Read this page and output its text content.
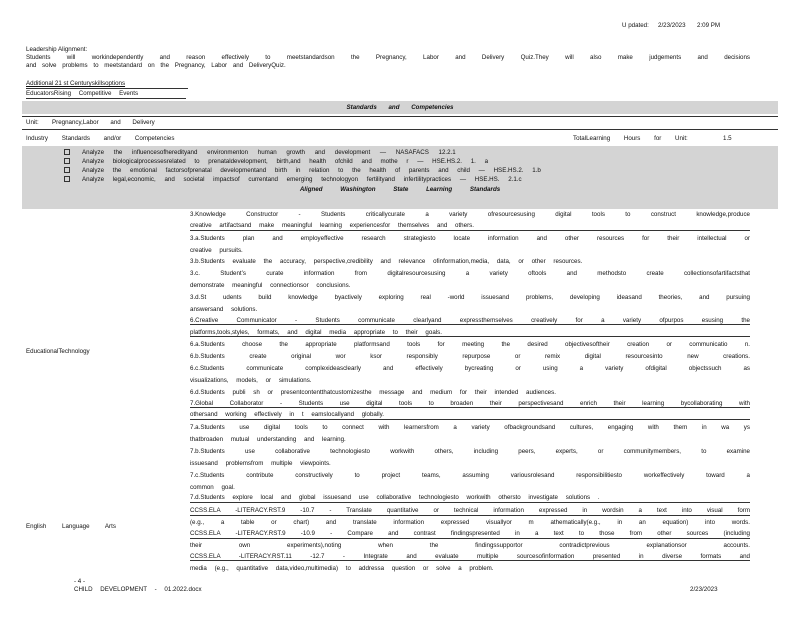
U pdated: 2/23/2023 2:09 PM
Leadership Alignment:
Students will workindependently and reason effectively to meetstandardson the Pregnancy, Labor and Delivery Quiz.They will also make judgements and decisions
and solve problems to meetstandard on the Pregnancy, Labor and DeliveryQuiz.
Additional 21 st Centuryskillsoptions
EducatorsRising Competitive Events
Standards and Competencies
Unit: Pregnancy,Labor and Delivery
Industry Standards and/or Competencies	TotalLearning Hours for Unit:	1.5
Analyze the influencesofheredityand environmenton human growth and development — NASAFACS 12.2.1
Analyze biologicalprocessesrelated to prenataldevelopment, birth,and health ofchild and mothe r — HSE.HS.2. 1. a
Analyze the emotional factorsofprenatal developmentand birth in relation to the health of parents and child — HSE.HS.2. 1.b
Analyze legal,economic, and societal impactsof currentand emerging technologyon fertilityand infertilitypractices — HSE.HS. 2.1.c
Aligned Washington State Learning Standards
EducationalTechnology
3.Knowledge Constructor - Students criticallycurate a variety ofresourcesusing digital tools to construct knowledge,produce
creative artifactsand make meaningful learning experiencesfor themselves and others.
3.a.Students plan and employeffective research strategiesto locate information and other resources for their intellectual or
creative pursuits.
3.b.Students evaluate the accuracy, perspective,credibility and relevance ofinformation,media, data, or other resources.
3.c. Student’s curate information from digitalresourcesusing a variety oftools and methodsto create collectionsofartifactsthat
demonstrate meaningful connectionsor conclusions.
3.d.St udents build knowledge byactively exploring real -world issuesand problems, developing ideasand theories, and pursuing
answersand solutions.
6.Creative Communicator - Students communicate clearlyand expressthemselves creatively for a variety ofpurpos esusing the
platforms,tools,styles, formats, and digital media appropriate to their goals.
6.a.Students choose the appropriate platformsand tools for meeting the desired objectivesoftheir creation or communicatio n.
6.b.Students create original wor ksor responsibly repurpose or remix digital resourcesinto new creations.
6.c.Students communicate complexideasclearly and effectively bycreating or using a variety ofdigital objectssuch as
visualizations, models, or simulations.
6.d.Students publi sh or presentcontentthatcustomizesthe message and medium for their intended audiences.
7.Global Collaborator - Students use digital tools to broaden their perspectivesand enrich their learning bycollaborating with
othersand working effectively in t eamslocallyand globally.
7.a.Students use digital tools to connect with learnersfrom a variety ofbackgroundsand cultures, engaging with them in wa ys
thatbroaden mutual understanding and learning.
7.b.Students use collaborative technologiesto workwith others, including peers, experts, or communitymembers, to examine
issuesand problemsfrom multiple viewpoints.
7.c.Students contribute constructively to project teams, assuming variousrolesand responsibilitiesto workeffectively toward a
common goal.
7.d.Students explore local and global issuesand use collaborative technologiesto workwith othersto investigate solutions .
English Language Arts
CCSS.ELA -LITERACY.RST.9 -10.7 - Translate quantitative or technical information expressed in wordsin a text into visual form
(e.g., a table or chart) and translate information expressed visuallyor m athematically(e.g., in an equation) into words.
CCSS.ELA -LITERACY.RST.9 -10.9 - Compare and contrast findingspresented in a text to those from other sources (including
their own experiments),noting when the findingssupportor contradictprevious explanationsor accounts.
CCSS.ELA -LITERACY.RST.11 -12.7 - Integrate and evaluate multiple sourcesofinformation presented in diverse formats and
media (e.g., quantitative data,video,multimedia) to addressa question or solve a problem.
- 4 -
CHILD DEVELOPMENT - 01.2022.docx	2/23/2023
